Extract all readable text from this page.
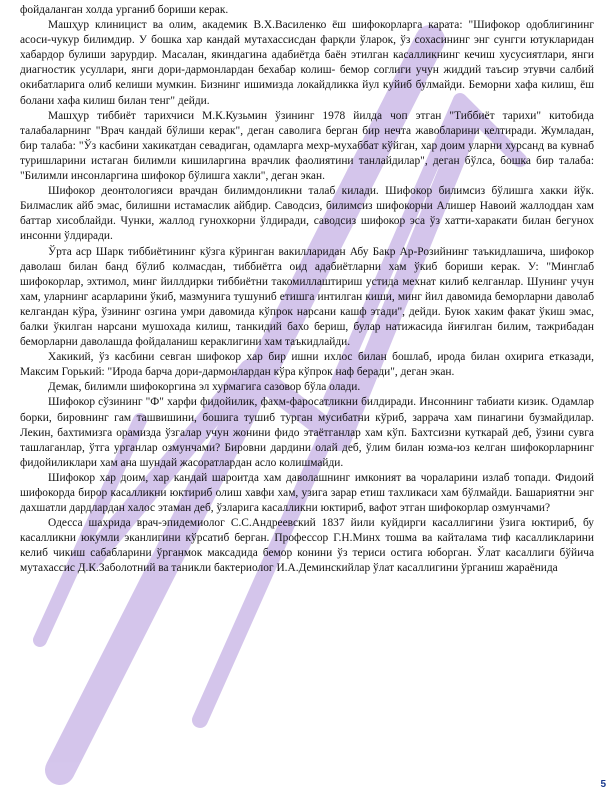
фойдаланган холда урганиб бориши керак.

Машҳур клиницист ва олим, академик В.Х.Василенко ёш шифокорларга карата: "Шифокор одоблигининг асоси-чукур билимдир. У бошка хар кандай мутахассисдан фарқли ўларок, ўз сохасининг энг сунгги ютукларидан хабардор булиши зарурдир. Масалан, якиндагина адабиётда баён этилган касалликнинг кечиш хусусиятлари, янги диагностик усуллари, янги дори-дармонлардан бехабар колиш- бемор соглиги учун жиддий таъсир этувчи салбий окибатларига олиб келиши мумкин. Бизнинг ишимизда локайдликка йул куйиб булмайди. Беморни хафа килиш, ёш болани хафа килиш билан тенг" дейди.

Машҳур тиббиёт тарихчиси М.К.Кузьмин ўзининг 1978 йилда чоп этган "Тиббиёт тарихи" китобида талабаларнинг "Врач кандай бўлиши керак", деган саволига берган бир нечта жавобларини келтиради. Жумладан, бир талаба: "Ўз касбини хакикатдан севадиган, одамларга мехр-мухаббат кўйган, хар доим уларни хурсанд ва кувнаб туришларини истаган билимли кишиларгина врачлик фаолиятини танлайдилар", деган бўлса, бошка бир талаба: "Билимли инсонларгина шифокор бўлишга хакли", деган экан.

Шифокор деонтологияси врачдан билимдонликни талаб килади. Шифокор билимсиз бўлишга хакки йўк. Билмаслик айб эмас, билишни истамаслик айбдир. Саводсиз, билимсиз шифокорни Алишер Навоий жаллоддан хам баттар хисоблайди. Чунки, жаллод гунохкорни ўлдиради, саводсиз шифокор эса ўз хатти-харакати билан бегунох инсонни ўлдиради.

Ўрта аср Шарк тиббиётининг кўзга кўринган вакилларидан Абу Бакр Ар-Розийнинг таъкидлашича, шифокор даволаш билан банд бўлиб колмасдан, тиббиётга оид адабиётларни хам ўкиб бориши керак. У: "Минглаб шифокорлар, эхтимол, минг йиллдирки тиббиётни такомиллаштириш устида мехнат килиб келганлар. Шунинг учун хам, уларнинг асарларини ўкиб, мазмунига тушуниб етишга интилган киши, минг йил давомида беморларни даволаб келгандан кўра, ўзининг озгина умри давомида кўпрок нарсани кашф этади", дейди. Буюк хаким факат ўкиш эмас, балки ўкилган нарсани мушохада килиш, танкидий бахо бериш, булар натижасида йиғилган билим, тажрибадан беморларни даволашда фойдаланиш кераклигини хам таъкидлайди.

Хакикий, ўз касбини севган шифокор хар бир ишни ихлос билан бошлаб, ирода билан охирига етказади, Максим Горький: "Ирода барча дори-дармонлардан кўра кўпрок наф беради", деган экан.

Демак, билимли шифокоргина эл хурмагига сазовор бўла олади.

Шифокор сўзининг "Ф" харфи фидойилик, фахм-фаросатликни билдиради. Инсоннинг табиати кизик. Одамлар борки, бировнинг гам ташвишини, бошига тушиб турган мусибатни кўриб, заррача хам пинагини бузмайдилар. Лекин, бахтимизга орамизда ўзгалар учун жонини фидо этаётганлар хам кўп. Бахтсизни куткарай деб, ўзини сувга ташлаганлар, ўтга урганлар озмунчами? Бировни дардини олай деб, ўлим билан юзма-юз келган шифокорларнинг фидойиликлари хам ана шундай жасоратлардан асло колишмайди.

Шифокор хар доим, хар кандай шароитда хам даволашнинг имконият ва чораларини излаб топади. Фидоий шифокорда бирор касалликни юктириб олиш хавфи хам, узига зарар етиш тахликаси хам бўлмайди. Башариятни энг дахшатли дардлардан халос этаман деб, ўзларига касалликни юктириб, вафот этган шифокорлар озмунчами?

Одесса шахрида врач-эпидемиолог С.С.Андреевский 1837 йили куйдирги касаллигини ўзига юктириб, бу касалликни юкумли эканлигини кўрсатиб берган. Профессор Г.Н.Минх тошма ва кайталама тиф касалликларини келиб чикиш сабабларини ўрганмок максадида бемор конини ўз териси остига юборган. Ўлат касаллиги бўйича мутахассис Д.К.Заболотний ва таникли бактериолог И.А.Деминскийлар ўлат касаллигини ўрганиш жараёнида

5
